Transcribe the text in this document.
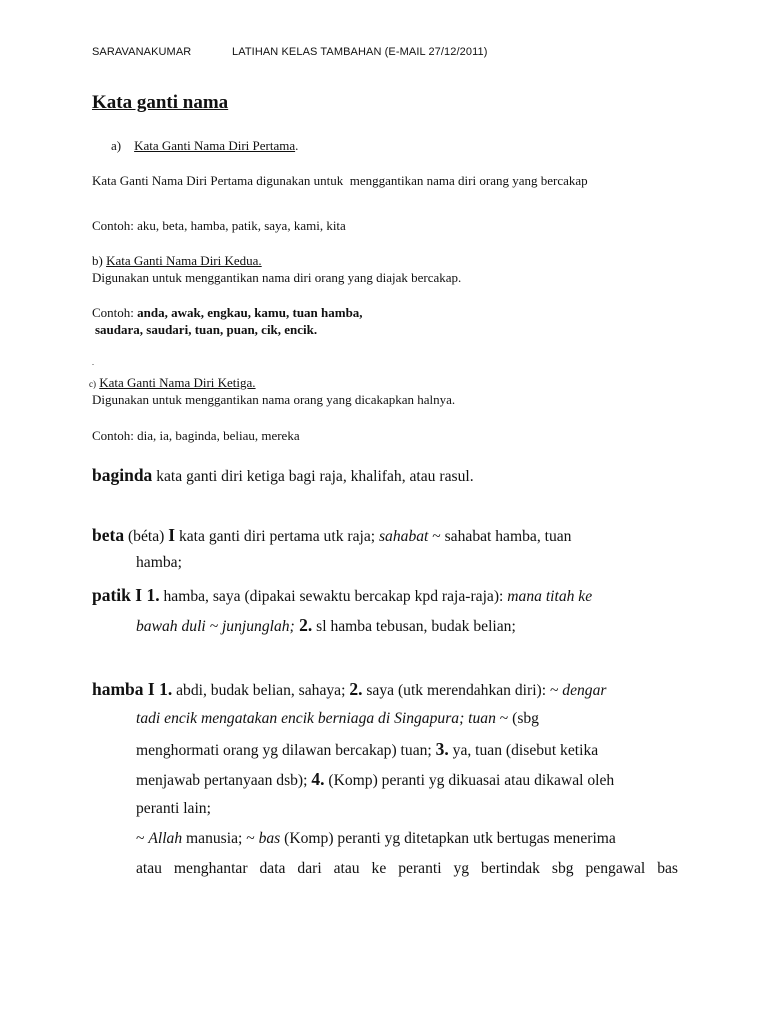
SARAVANAKUMAR	LATIHAN KELAS TAMBAHAN (E-MAIL 27/12/2011)
Kata ganti nama
a) Kata Ganti Nama Diri Pertama.
Kata Ganti Nama Diri Pertama digunakan untuk  menggantikan nama diri orang yang bercakap
Contoh: aku, beta, hamba, patik, saya, kami, kita
b) Kata Ganti Nama Diri Kedua.
Digunakan untuk menggantikan nama diri orang yang diajak bercakap.
Contoh: anda, awak, engkau, kamu, tuan hamba,
saudara, saudari, tuan, puan, cik, encik.
.
c) Kata Ganti Nama Diri Ketiga.
Digunakan untuk menggantikan nama orang yang dicakapkan halnya.
Contoh: dia, ia, baginda, beliau, mereka
baginda kata ganti diri ketiga bagi raja, khalifah, atau rasul.
beta (béta) I kata ganti diri pertama utk raja; sahabat ~ sahabat hamba, tuan
hamba;
patik I 1. hamba, saya (dipakai sewaktu bercakap kpd raja-raja): mana titah ke
bawah duli ~ junjunglah; 2. sl hamba tebusan, budak belian;
hamba I 1. abdi, budak belian, sahaya; 2. saya (utk merendahkan diri): ~ dengar
tadi encik mengatakan encik berniaga di Singapura; tuan ~ (sbg
menghormati orang yg dilawan bercakap) tuan; 3. ya, tuan (disebut ketika
menjawab pertanyaan dsb); 4. (Komp) peranti yg dikuasai atau dikawal oleh
peranti lain;
~ Allah manusia; ~ bas (Komp) peranti yg ditetapkan utk bertugas menerima
atau menghantar data dari atau ke peranti yg bertindak sbg pengawal bas
